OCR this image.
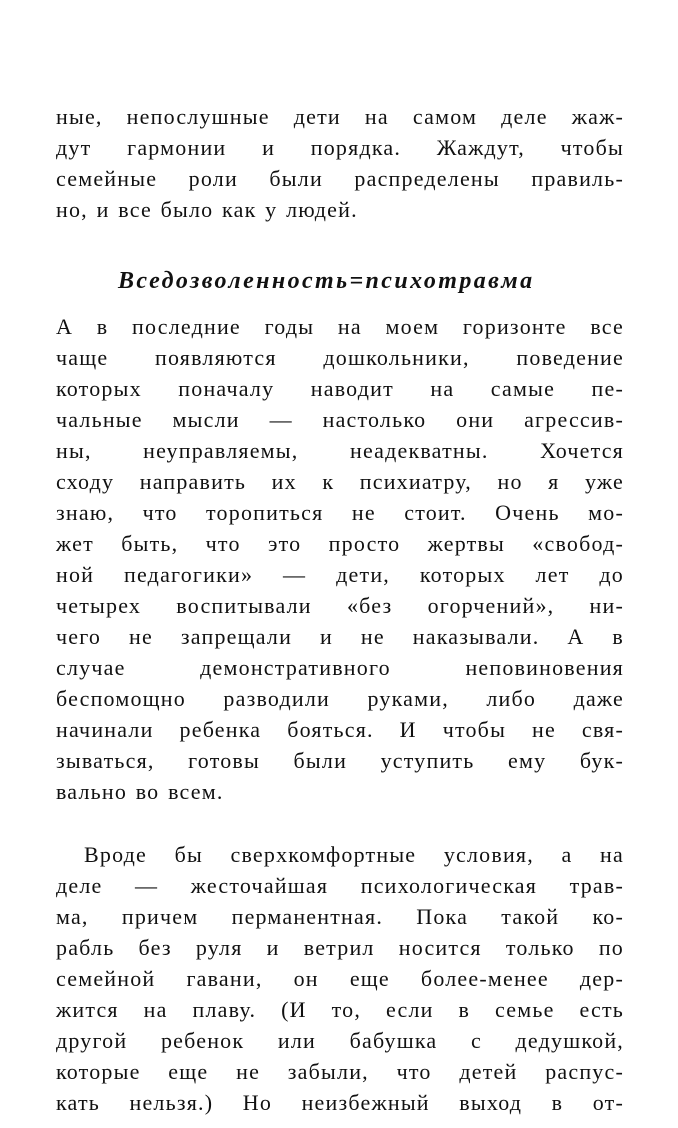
ные, непослушные дети на самом деле жаж-
дут гармонии и порядка. Жаждут, чтобы
семейные роли были распределены правиль-
но, и все было как у людей.
Вседозволенность=психотравма
А в последние годы на моем горизонте все
чаще появляются дошкольники, поведение
которых поначалу наводит на самые пе-
чальные мысли — настолько они агрессив-
ны, неуправляемы, неадекватны. Хочется
сходу направить их к психиатру, но я уже
знаю, что торопиться не стоит. Очень мо-
жет быть, что это просто жертвы «свобод-
ной педагогики» — дети, которых лет до
четырех воспитывали «без огорчений», ни-
чего не запрещали и не наказывали. А в
случае демонстративного неповиновения
беспомощно разводили руками, либо даже
начинали ребенка бояться. И чтобы не свя-
зываться, готовы были уступить ему бук-
вально во всем.
Вроде бы сверхкомфортные условия, а на
деле — жесточайшая психологическая трав-
ма, причем перманентная. Пока такой ко-
рабль без руля и ветрил носится только по
семейной гавани, он еще более-менее дер-
жится на плаву. (И то, если в семье есть
другой ребенок или бабушка с дедушкой,
которые еще не забыли, что детей распус-
кать нельзя.) Но неизбежный выход в от-
